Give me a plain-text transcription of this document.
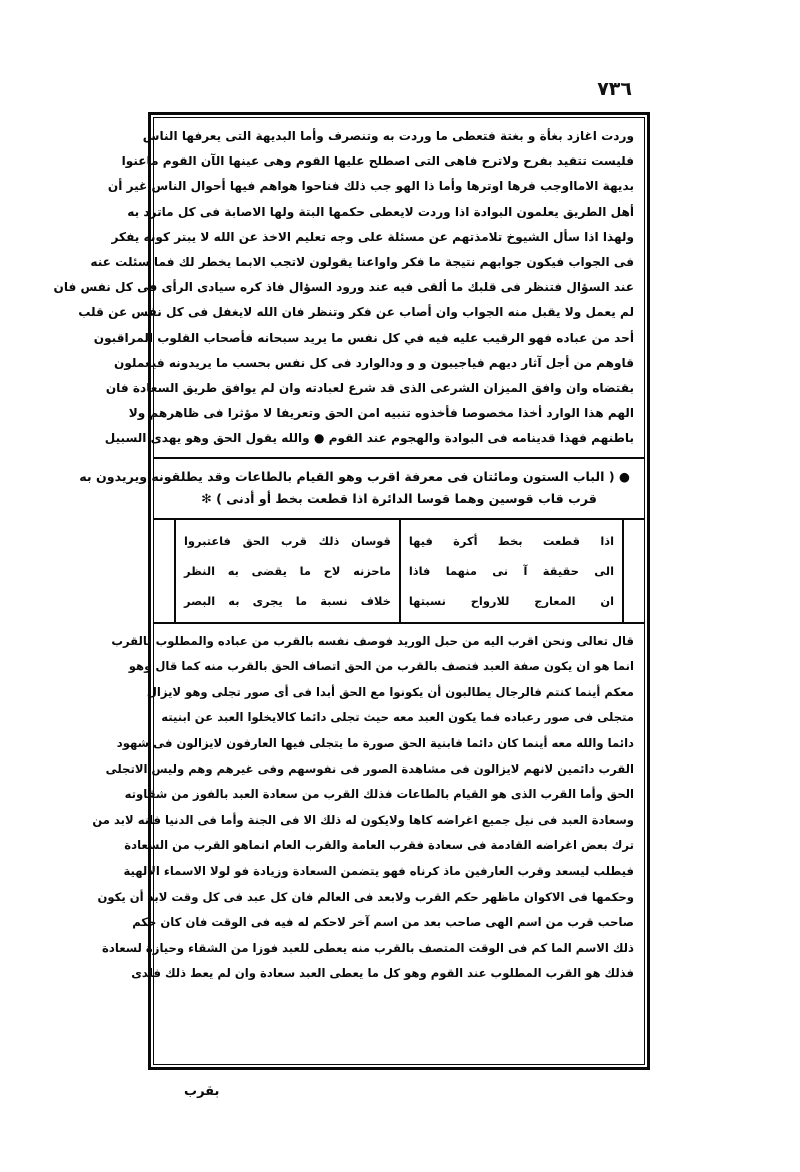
٧٣٦
وردت اغازد بغأة و بغتة فتعطى ما وردت به وتنصرف وأما البديهة التى يعرفها الناس
فليست تتقيد بفرح ولاترح فاهى التى اصطلح عليها القوم وهى عينها الآن القوم ماعنوا
بديهة الامااوجب فرها اوترها وأما ذا الهو جب ذلك فناحوا هواهم فيها أحوال الناس غير أن
أهل الطريق يعلمون البوادة اذا وردت لايعطى حكمها البتة ولها الاصابة فى كل ماترد به
ولهذا اذا سأل الشيوخ تلامذتهم عن مسئلة على وجه تعليم الاخذ عن الله لا يبتر كونه يفكر
فى الجواب فيكون جوابهم نتيجة ما فكر واواعنا يقولون لاتجب الابما يخطر لك فما سئلت عنه
عند السؤال فتنظر فى قلبك ما ألقى فيه عند ورود السؤال فاذ كره سيادى الرأى فى كل نفس فان
لم يعمل ولا يقبل منه الجواب وان أصاب عن فكر وتنظر فان الله لايغفل فى كل نفس عن قلب
أحد من عباده فهو الرقيب عليه فيه في كل نفس ما يريد سبحانه فأصحاب القلوب المراقبون
قاوهم من أجل آثار ديهم فياجيبون و و ودالوارد فى كل نفس بحسب ما يريدونه فيعملون
بقتضاه وان وافق الميزان الشرعى الذى قد شرع لعبادته وان لم يوافق طريق السعادة فان
الهم هذا الوارد أخذا مخصوصا فأخذوه تنبيه امن الحق وتعريفا لا مؤثرا فى ظاهرهم ولا
باطنهم فهذا قدينامه فى البوادة والهجوم عند القوم ● والله يقول الحق وهو يهدى السبيل
● ( الباب الستون ومائتان فى معرفة اقرب وهو القيام بالطاعات وقد يطلقونه ويريدون به
قرب قاب قوسين وهما قوسا الدائرة اذا قطعت بخط أو أدنى ) ✻
قوسان ذلك قرب الحق فاعتبروا
ماحزنه لاح ما يقضى به النظر
خلاف نسبة ما يجرى به البصر
اذا قطعت بخط أكرة فيها
الى حقيقة آ نى منهما فاذا
ان المعارج للارواح نسبتها
قال تعالى ونحن اقرب اليه من حبل الوريد فوصف نفسه بالقرب من عباده والمطلوب بالقرب
انما هو ان يكون صفة العبد فتصف بالقرب من الحق اتصاف الحق بالقرب منه كما قال وهو
معكم أينما كنتم فالرجال يطالبون أن يكونوا مع الحق أبدا فى أى صور تجلى وهو لايزال
متجلى فى صور رعباده فما يكون العبد معه حيث تجلى دائما كالايخلوا العبد عن ابنيته
دائما والله معه أينما كان دائما فابنية الحق صورة ما يتجلى فيها العارفون لايزالون فى شهود
القرب دائمين لانهم لايزالون فى مشاهدة الصور فى نفوسهم وفى غيرهم وهم وليس الاتجلى
الحق وأما القرب الذى هو القيام بالطاعات فذلك القرب من سعادة العبد بالفوز من شقاوته
وسعادة العبد فى نيل جميع اغراضه كاها ولايكون له ذلك الا فى الجنة وأما فى الدنيا فانه لابد من
ترك بعض اغراضه القادمة فى سعادة فقرب العامة والقرب العام انماهو القرب من السعادة
فيطلب ليسعد وقرب العارفين ماذ كرناه فهو يتضمن السعادة وزيادة فو لولا الاسماء الالهية
وحكمها فى الاكوان ماظهر حكم القرب ولابعد فى العالم فان كل عبد فى كل وقت لابد أن يكون
صاحب قرب من اسم الهى صاحب بعد من اسم آخر لاحكم له فيه فى الوقت فان كان حكم
ذلك الاسم الما كم فى الوقت المتصف بالقرب منه يعطى للعبد فوزا من الشقاء وحيازة لسعادة
فذلك هو القرب المطلوب عند القوم وهو كل ما يعطى العبد سعادة وان لم يعط ذلك فلدى
بقرب
